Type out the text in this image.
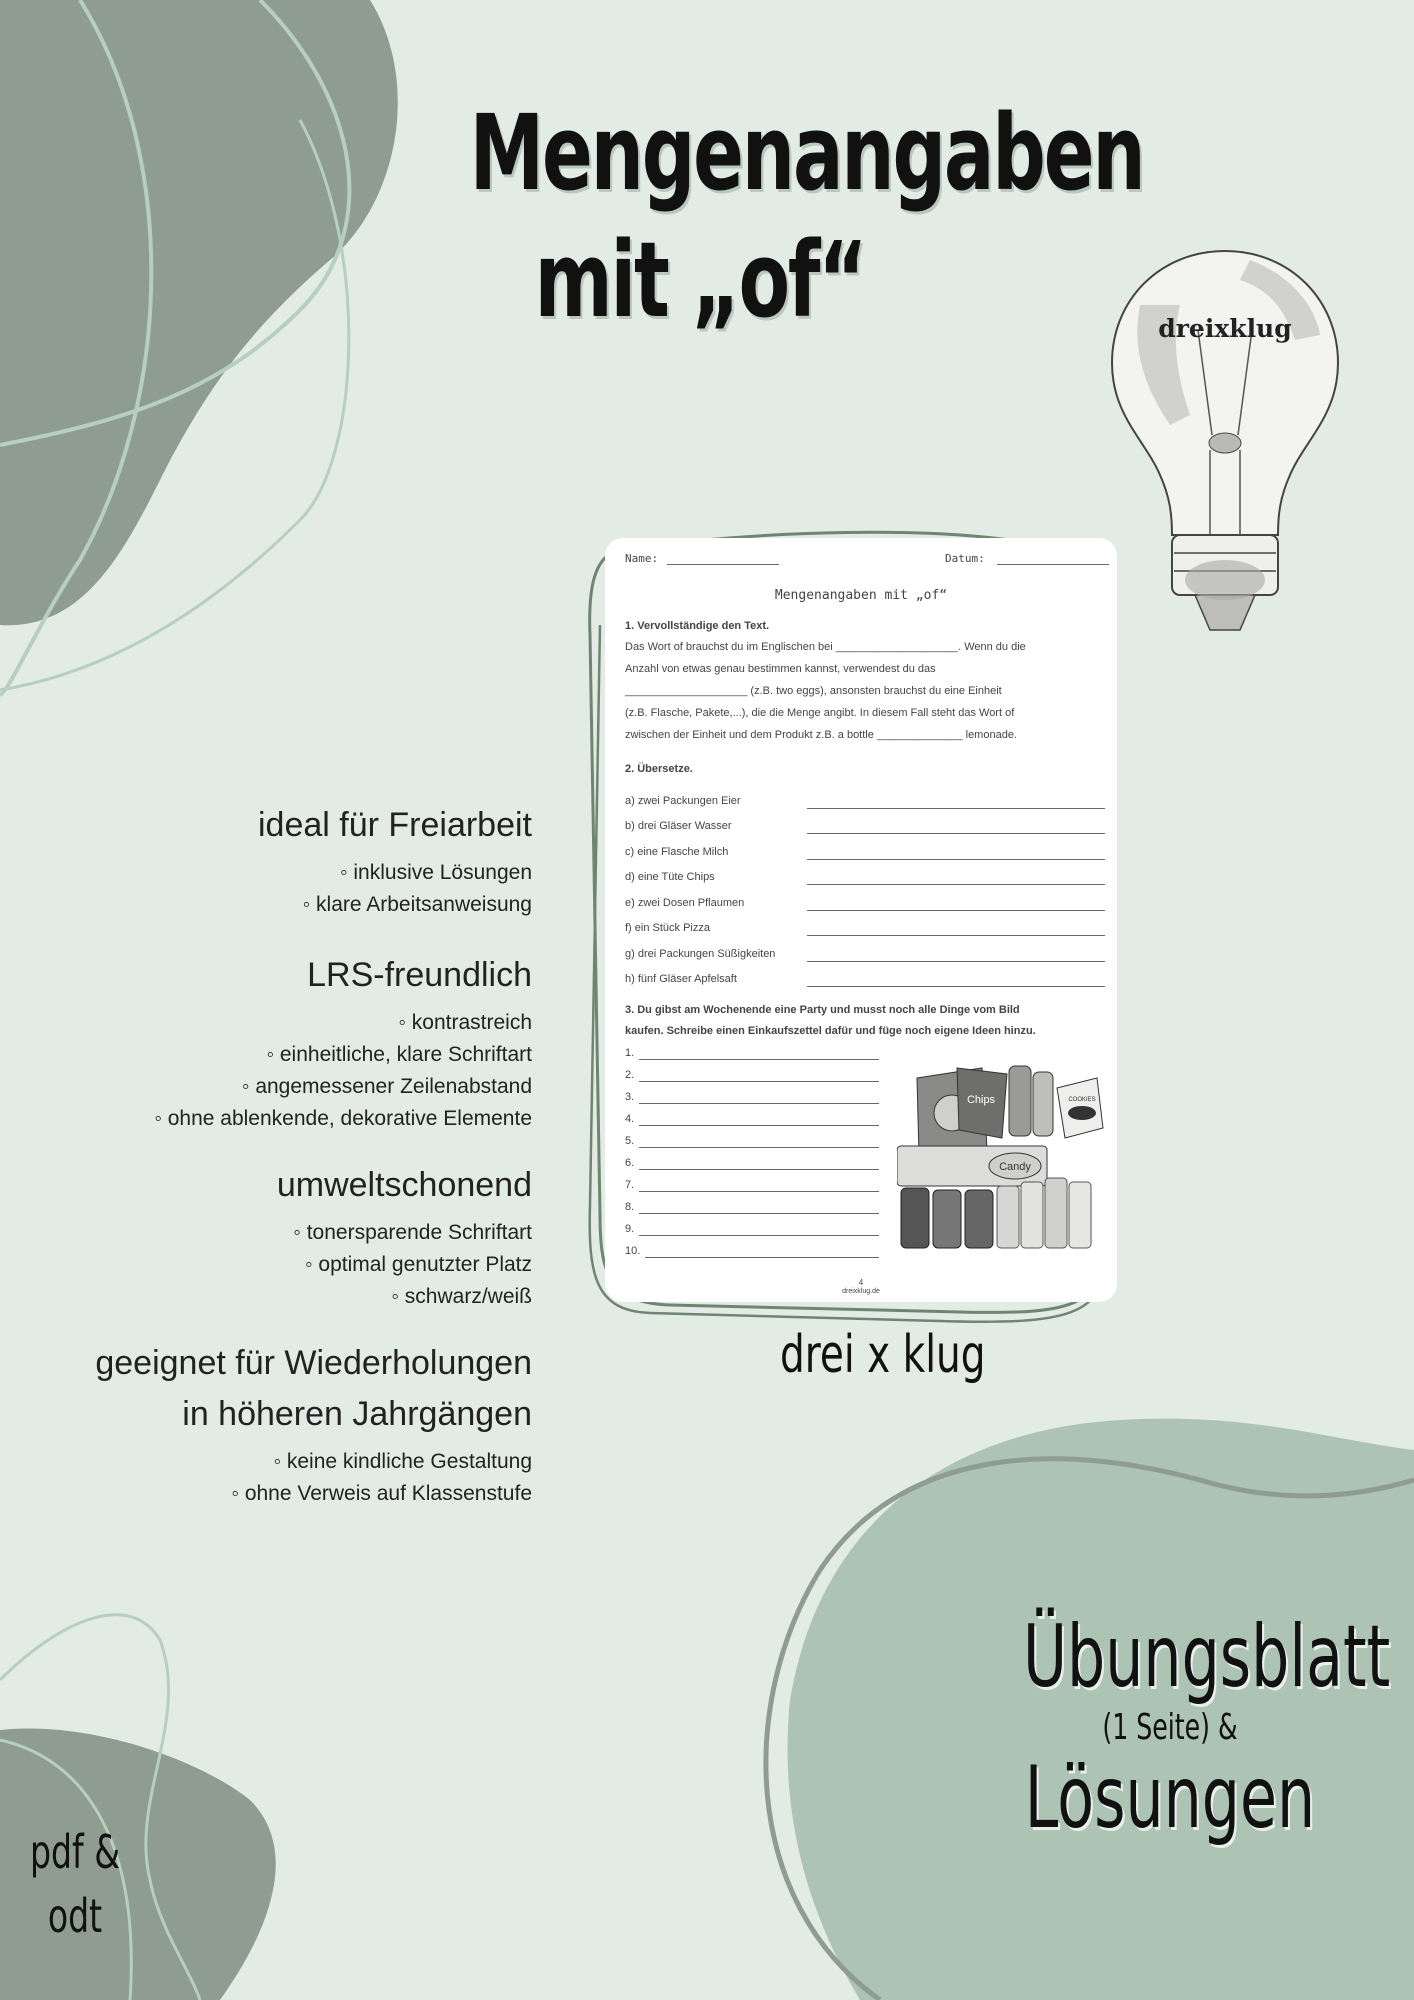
Mengenangaben
mit „of“	dreixklug
ideal für Freiarbeit
◦ inklusive Lösungen
◦ klare Arbeitsanweisung
LRS-freundlich
◦ kontrastreich
◦ einheitliche, klare Schriftart
◦ angemessener Zeilenabstand
◦ ohne ablenkende, dekorative Elemente
umweltschonend
◦ tonersparende Schriftart
◦ optimal genutzter Platz
◦ schwarz/weiß
geeignet für Wiederholungen
in höheren Jahrgängen
◦ keine kindliche Gestaltung
◦ ohne Verweis auf Klassenstufe
Name:	Datum:
Mengenangaben mit „of“
1. Vervollständige den Text.
Das Wort of brauchst du im Englischen bei ____________________. Wenn du die
Anzahl von etwas genau bestimmen kannst, verwendest du das
____________________ (z.B. two eggs), ansonsten brauchst du eine Einheit
(z.B. Flasche, Pakete,...), die die Menge angibt. In diesem Fall steht das Wort of
zwischen der Einheit und dem Produkt z.B. a bottle ______________ lemonade.
2. Übersetze.
a) zwei Packungen Eier
b) drei Gläser Wasser
c) eine Flasche Milch
d) eine Tüte Chips
e) zwei Dosen Pflaumen
f) ein Stück Pizza
g) drei Packungen Süßigkeiten
h) fünf Gläser Apfelsaft
3. Du gibst am Wochenende eine Party und musst noch alle Dinge vom Bild
kaufen. Schreibe einen Einkaufszettel dafür und füge noch eigene Ideen hinzu.
1.
2.
3.
4.
5.
6.
7.
8.
9.
10.
Chips	COOKIES
Candy
4
dreixklug.de
drei x klug
Übungsblatt
(1 Seite) &
Lösungen
pdf &
odt
